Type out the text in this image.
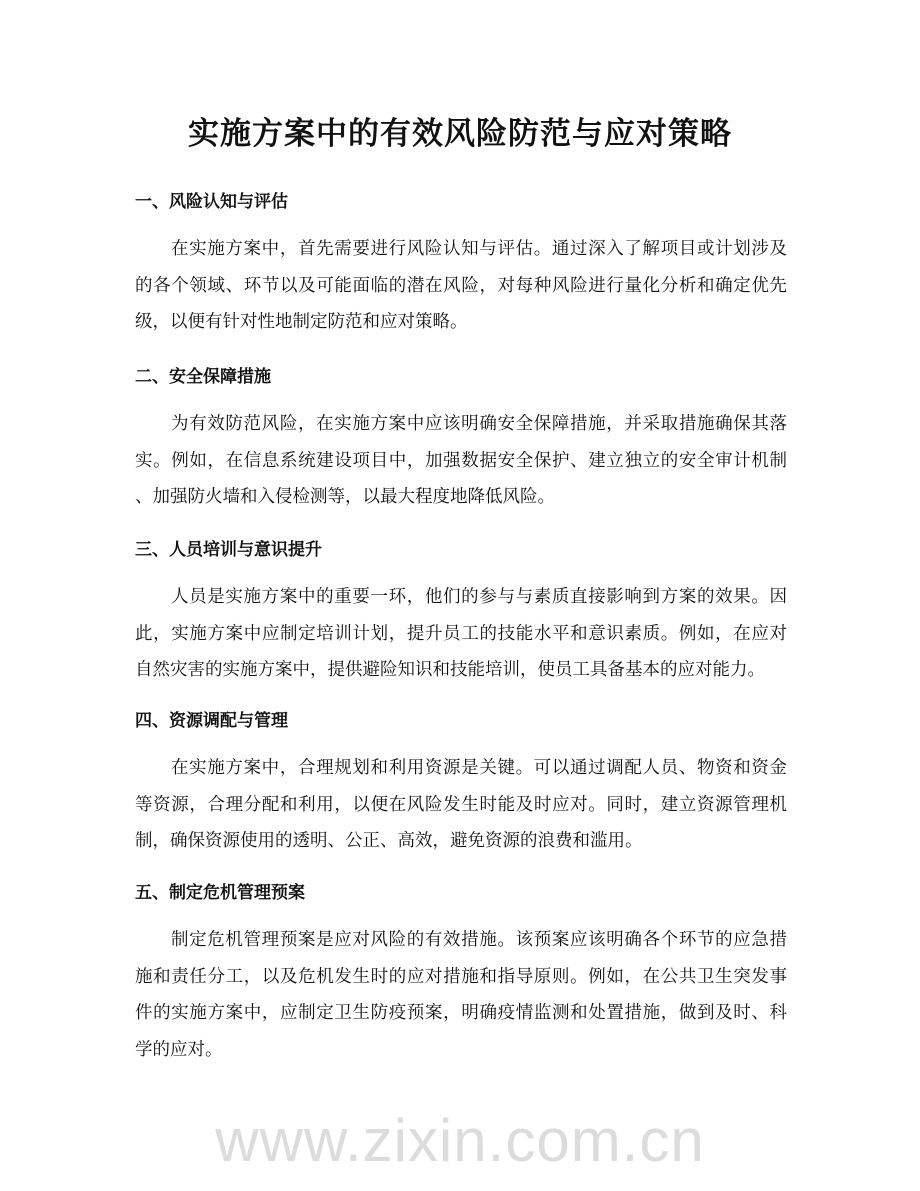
实施方案中的有效风险防范与应对策略
一、风险认知与评估
在实施方案中，首先需要进行风险认知与评估。通过深入了解项目或计划涉及
的各个领域、环节以及可能面临的潜在风险，对每种风险进行量化分析和确定优先
级，以便有针对性地制定防范和应对策略。
二、安全保障措施
为有效防范风险，在实施方案中应该明确安全保障措施，并采取措施确保其落
实。例如，在信息系统建设项目中，加强数据安全保护、建立独立的安全审计机制
、加强防火墙和入侵检测等，以最大程度地降低风险。
三、人员培训与意识提升
人员是实施方案中的重要一环，他们的参与与素质直接影响到方案的效果。因
此，实施方案中应制定培训计划，提升员工的技能水平和意识素质。例如，在应对
自然灾害的实施方案中，提供避险知识和技能培训，使员工具备基本的应对能力。
四、资源调配与管理
在实施方案中，合理规划和利用资源是关键。可以通过调配人员、物资和资金
等资源，合理分配和利用，以便在风险发生时能及时应对。同时，建立资源管理机
制，确保资源使用的透明、公正、高效，避免资源的浪费和滥用。
五、制定危机管理预案
制定危机管理预案是应对风险的有效措施。该预案应该明确各个环节的应急措
施和责任分工，以及危机发生时的应对措施和指导原则。例如，在公共卫生突发事
件的实施方案中，应制定卫生防疫预案，明确疫情监测和处置措施，做到及时、科
学的应对。
www.zixin.com.cn
